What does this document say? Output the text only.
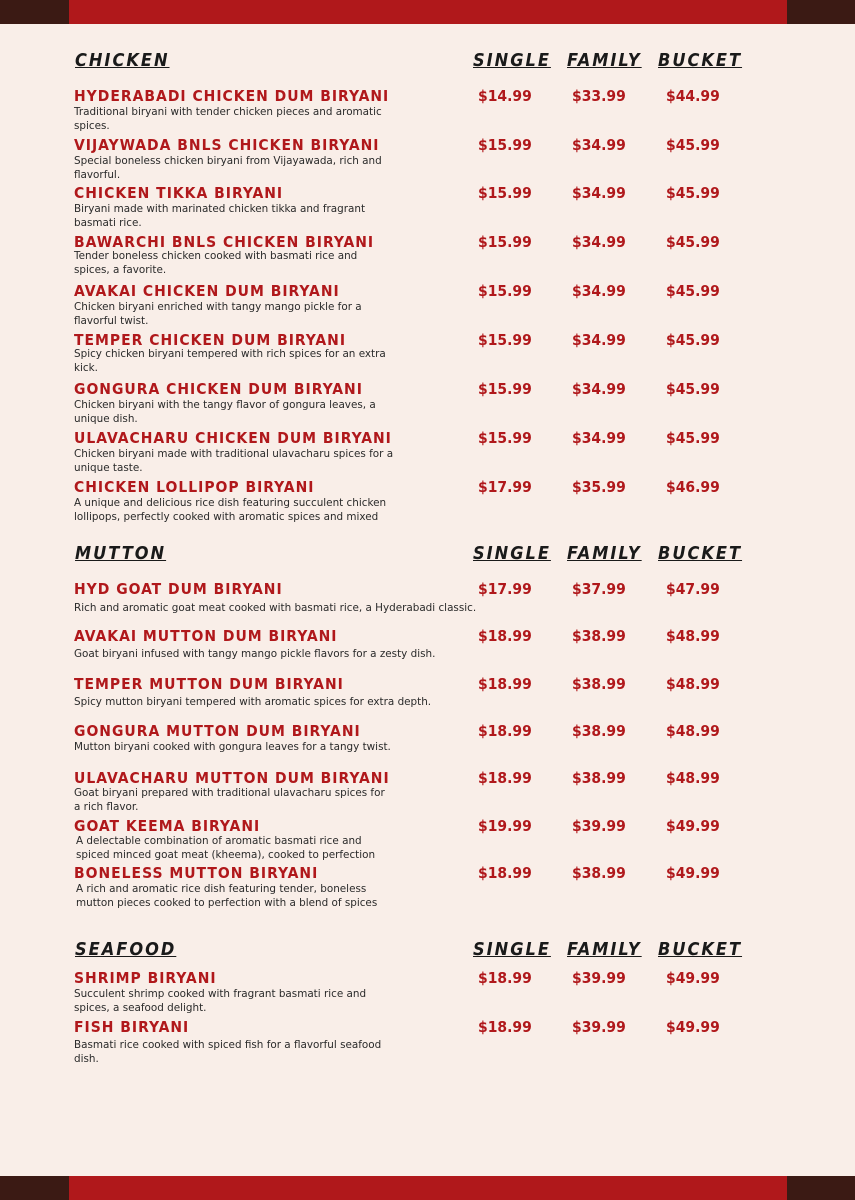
CHICKEN	SINGLE FAMILY BUCKET
HYDERABADI CHICKEN DUM BIRYANI
Traditional biryani with tender chicken pieces and aromatic spices.
$14.99	$33.99	$44.99
VIJAYWADA BNLS CHICKEN BIRYANI
Special boneless chicken biryani from Vijayawada, rich and flavorful.
$15.99	$34.99	$45.99
CHICKEN TIKKA BIRYANI
Biryani made with marinated chicken tikka and fragrant basmati rice.
$15.99	$34.99	$45.99
BAWARCHI BNLS CHICKEN BIRYANI
Tender boneless chicken cooked with basmati rice and spices, a favorite.
$15.99	$34.99	$45.99
AVAKAI CHICKEN DUM BIRYANI
Chicken biryani enriched with tangy mango pickle for a flavorful twist.
$15.99	$34.99	$45.99
TEMPER CHICKEN DUM BIRYANI
Spicy chicken biryani tempered with rich spices for an extra kick.
$15.99	$34.99	$45.99
GONGURA CHICKEN DUM BIRYANI
Chicken biryani with the tangy flavor of gongura leaves, a unique dish.
$15.99	$34.99	$45.99
ULAVACHARU CHICKEN DUM BIRYANI
Chicken biryani made with traditional ulavacharu spices for a unique taste.
$15.99	$34.99	$45.99
CHICKEN LOLLIPOP BIRYANI
A unique and delicious rice dish featuring succulent chicken lollipops, perfectly cooked with aromatic spices and mixed
$17.99	$35.99	$46.99
MUTTON	SINGLE FAMILY BUCKET
HYD GOAT DUM BIRYANI
Rich and aromatic goat meat cooked with basmati rice, a Hyderabadi classic.
$17.99	$37.99	$47.99
AVAKAI MUTTON DUM BIRYANI
Goat biryani infused with tangy mango pickle flavors for a zesty dish.
$18.99	$38.99	$48.99
TEMPER MUTTON DUM BIRYANI
Spicy mutton biryani tempered with aromatic spices for extra depth.
$18.99	$38.99	$48.99
GONGURA MUTTON DUM BIRYANI
Mutton biryani cooked with gongura leaves for a tangy twist.
$18.99	$38.99	$48.99
ULAVACHARU MUTTON DUM BIRYANI
Goat biryani prepared with traditional ulavacharu spices for a rich flavor.
$18.99	$38.99	$48.99
GOAT KEEMA BIRYANI
A delectable combination of aromatic basmati rice and spiced minced goat meat (kheema), cooked to perfection
$19.99	$39.99	$49.99
BONELESS MUTTON BIRYANI
A rich and aromatic rice dish featuring tender, boneless mutton pieces cooked to perfection with a blend of spices
$18.99	$38.99	$49.99
SEAFOOD	SINGLE FAMILY BUCKET
SHRIMP BIRYANI
Succulent shrimp cooked with fragrant basmati rice and spices, a seafood delight.
$18.99	$39.99	$49.99
FISH BIRYANI
Basmati rice cooked with spiced fish for a flavorful seafood dish.
$18.99	$39.99	$49.99
